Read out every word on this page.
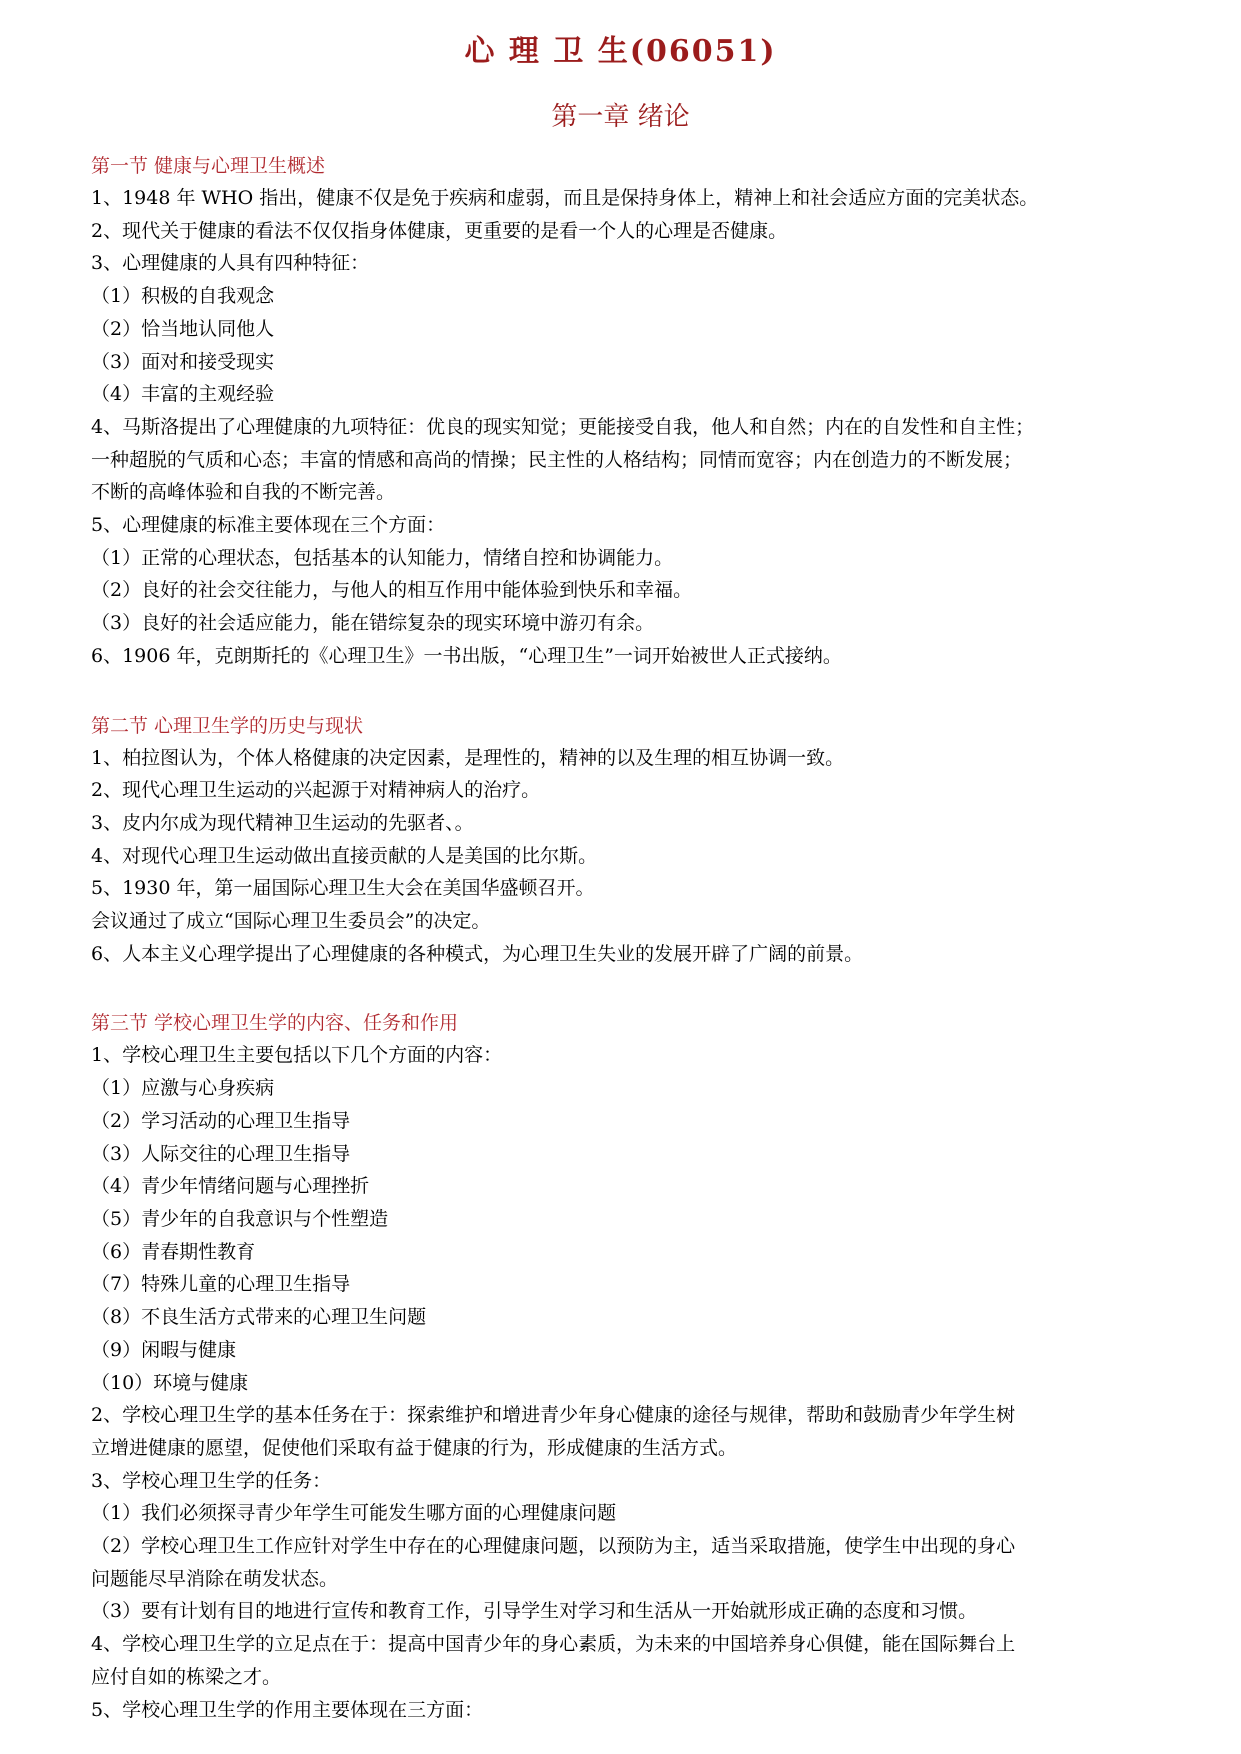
心 理 卫 生(06051)
第一章 绪论
第一节 健康与心理卫生概述
1、1948 年 WHO 指出，健康不仅是免于疾病和虚弱，而且是保持身体上，精神上和社会适应方面的完美状态。
2、现代关于健康的看法不仅仅指身体健康，更重要的是看一个人的心理是否健康。
3、心理健康的人具有四种特征：
（1）积极的自我观念
（2）恰当地认同他人
（3）面对和接受现实
（4）丰富的主观经验
4、马斯洛提出了心理健康的九项特征：优良的现实知觉；更能接受自我，他人和自然；内在的自发性和自主性；
一种超脱的气质和心态；丰富的情感和高尚的情操；民主性的人格结构；同情而宽容；内在创造力的不断发展；
不断的高峰体验和自我的不断完善。
5、心理健康的标准主要体现在三个方面：
（1）正常的心理状态，包括基本的认知能力，情绪自控和协调能力。
（2）良好的社会交往能力，与他人的相互作用中能体验到快乐和幸福。
（3）良好的社会适应能力，能在错综复杂的现实环境中游刃有余。
6、1906 年，克朗斯托的《心理卫生》一书出版，“心理卫生”一词开始被世人正式接纳。
第二节 心理卫生学的历史与现状
1、柏拉图认为，个体人格健康的决定因素，是理性的，精神的以及生理的相互协调一致。
2、现代心理卫生运动的兴起源于对精神病人的治疗。
3、皮内尔成为现代精神卫生运动的先驱者、。
4、对现代心理卫生运动做出直接贡献的人是美国的比尔斯。
5、1930 年，第一届国际心理卫生大会在美国华盛顿召开。
会议通过了成立“国际心理卫生委员会”的决定。
6、人本主义心理学提出了心理健康的各种模式，为心理卫生失业的发展开辟了广阔的前景。
第三节 学校心理卫生学的内容、任务和作用
1、学校心理卫生主要包括以下几个方面的内容：
（1）应激与心身疾病
（2）学习活动的心理卫生指导
（3）人际交往的心理卫生指导
（4）青少年情绪问题与心理挫折
（5）青少年的自我意识与个性塑造
（6）青春期性教育
（7）特殊儿童的心理卫生指导
（8）不良生活方式带来的心理卫生问题
（9）闲暇与健康
（10）环境与健康
2、学校心理卫生学的基本任务在于：探索维护和增进青少年身心健康的途径与规律，帮助和鼓励青少年学生树
立增进健康的愿望，促使他们采取有益于健康的行为，形成健康的生活方式。
3、学校心理卫生学的任务：
（1）我们必须探寻青少年学生可能发生哪方面的心理健康问题
（2）学校心理卫生工作应针对学生中存在的心理健康问题，以预防为主，适当采取措施，使学生中出现的身心
问题能尽早消除在萌发状态。
（3）要有计划有目的地进行宣传和教育工作，引导学生对学习和生活从一开始就形成正确的态度和习惯。
4、学校心理卫生学的立足点在于：提高中国青少年的身心素质，为未来的中国培养身心俱健，能在国际舞台上
应付自如的栋梁之才。
5、学校心理卫生学的作用主要体现在三方面：
